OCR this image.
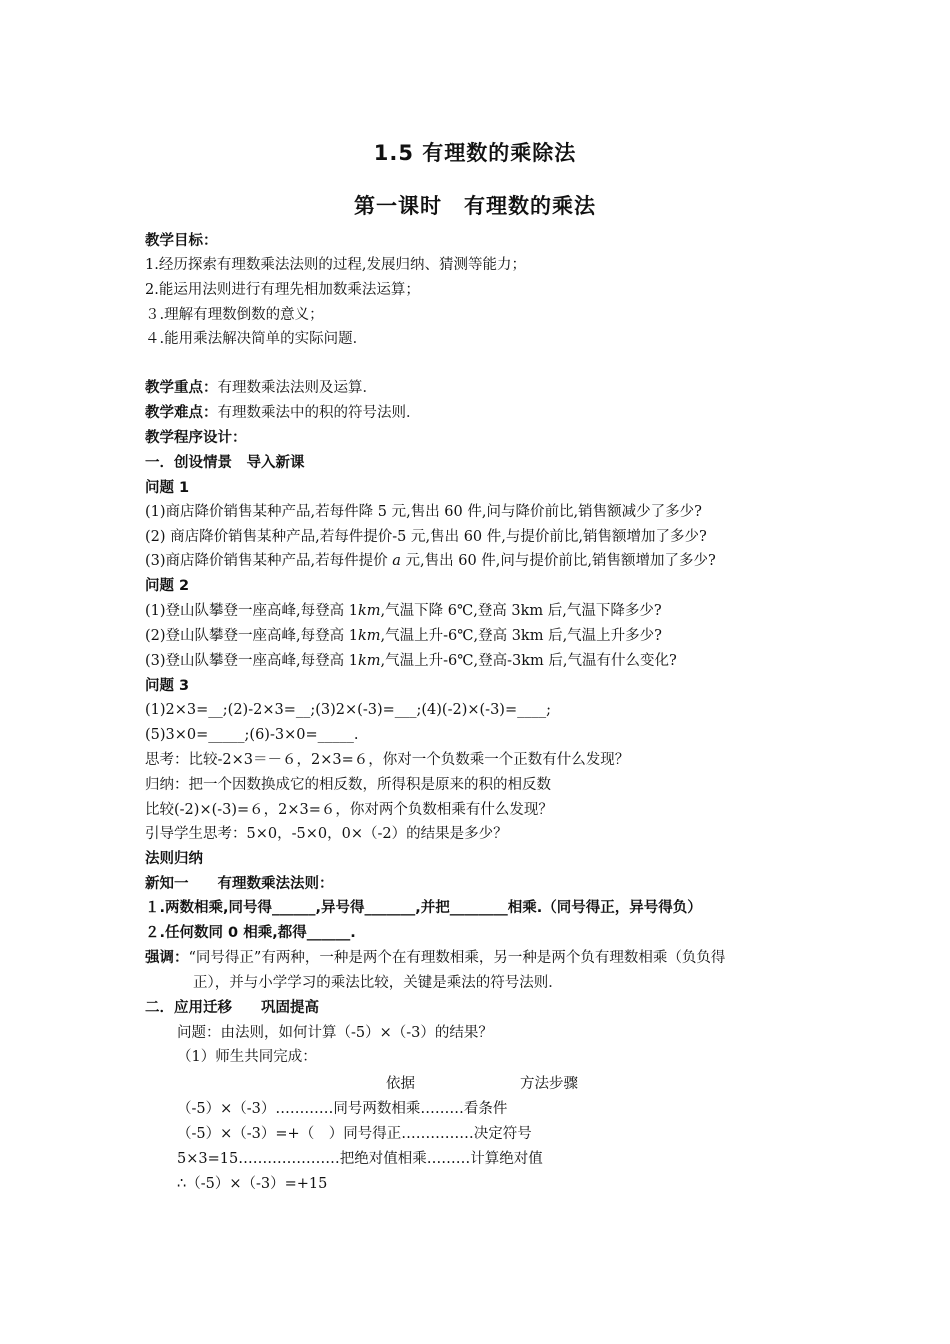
1.5 有理数的乘除法
第一课时　有理数的乘法
教学目标：
1.经历探索有理数乘法法则的过程,发展归纳、猜测等能力；
2.能运用法则进行有理先相加数乘法运算；
３.理解有理数倒数的意义；
４.能用乘法解决简单的实际问题．
教学重点：有理数乘法法则及运算．
教学难点：有理数乘法中的积的符号法则．
教学程序设计：
一．创设情景　导入新课
问题 1
(1)商店降价销售某种产品,若每件降 5 元,售出 60 件,问与降价前比,销售额减少了多少?
(2) 商店降价销售某种产品,若每件提价-5 元,售出 60 件,与提价前比,销售额增加了多少?
(3)商店降价销售某种产品,若每件提价 a 元,售出 60 件,问与提价前比,销售额增加了多少?
问题 2
(1)登山队攀登一座高峰,每登高 1km,气温下降 6℃,登高 3km 后,气温下降多少?
(2)登山队攀登一座高峰,每登高 1km,气温上升-6℃,登高 3km 后,气温上升多少?
(3)登山队攀登一座高峰,每登高 1km,气温上升-6℃,登高-3km 后,气温有什么变化?
问题 3
(1)2×3=__;(2)-2×3=__;(3)2×(-3)=___;(4)(-2)×(-3)=____;
(5)3×0=_____;(6)-3×0=_____.
思考：比较-2×3＝－６，2×3=６，你对一个负数乘一个正数有什么发现？
归纳：把一个因数换成它的相反数，所得积是原来的积的相反数
比较(-2)×(-3)=６，2×3=６，你对两个负数相乘有什么发现？
引导学生思考：5×0，-5×0，0×（-2）的结果是多少？
法则归纳
新知一　　有理数乘法法则：
１.两数相乘,同号得______,异号得_______,并把________相乘.（同号得正，异号得负）
２.任何数同 0 相乘,都得______.
强调：“同号得正”有两种，一种是两个在有理数相乘，另一种是两个负有理数相乘（负负得
正），并与小学学习的乘法比较，关键是乘法的符号法则．
二．应用迁移　　巩固提高
问题：由法则，如何计算（-5）×（-3）的结果？
（1）师生共同完成：
依据	方法步骤
（-5）×（-3）…………同号两数相乘………看条件
（-5）×（-3）=+（　）同号得正……………决定符号
5×3=15…………………把绝对值相乘………计算绝对值
∴（-5）×（-3）=+15
